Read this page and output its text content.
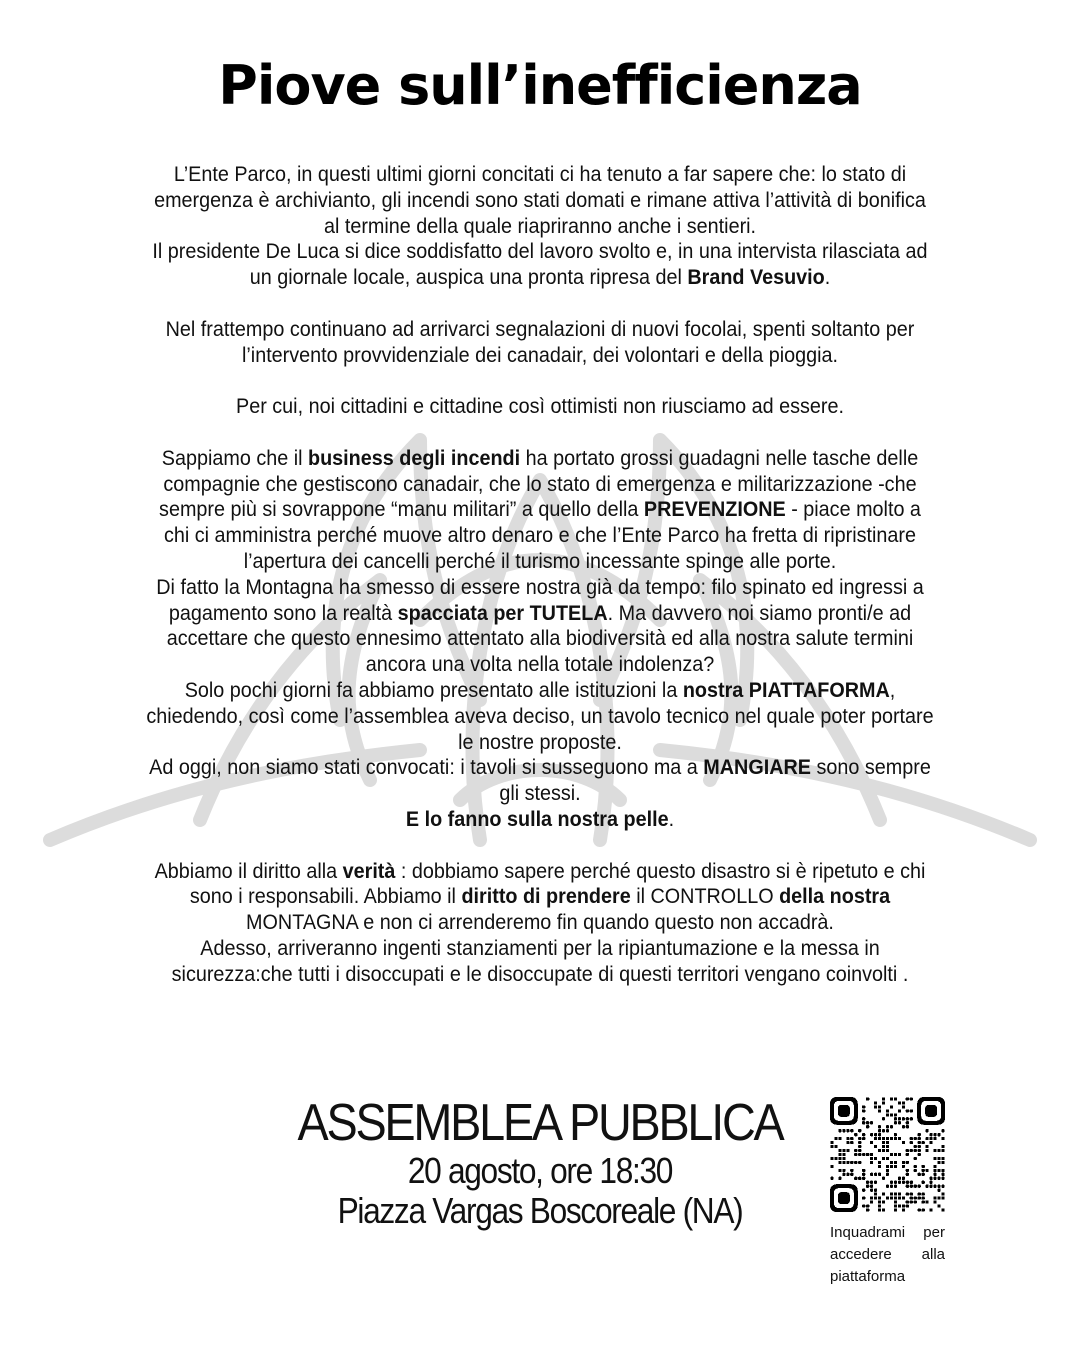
Piove sull’inefficienza
L’Ente Parco, in questi ultimi giorni concitati ci ha tenuto a far sapere che: lo stato di emergenza è archivianto, gli incendi sono stati domati e rimane attiva l’attività di bonifica al termine della quale riapriranno anche i sentieri.
Il presidente De Luca si dice soddisfatto del lavoro svolto e, in una intervista rilasciata ad un giornale locale, auspica una pronta ripresa del Brand Vesuvio.
Nel frattempo continuano ad arrivarci segnalazioni di nuovi focolai, spenti soltanto per l’intervento provvidenziale dei canadair, dei volontari e della pioggia.
Per cui, noi cittadini e cittadine così ottimisti non riusciamo ad essere.
Sappiamo che il business degli incendi ha portato grossi guadagni nelle tasche delle compagnie che gestiscono canadair, che lo stato di emergenza e militarizzazione -che sempre più si sovrappone “manu militari” a quello della PREVENZIONE - piace molto a chi ci amministra perché muove altro denaro e che l’Ente Parco ha fretta di ripristinare l’apertura dei cancelli perché il turismo incessante spinge alle porte.
Di fatto la Montagna ha smesso di essere nostra già da tempo: filo spinato ed ingressi a pagamento sono la realtà spacciata per TUTELA. Ma davvero noi siamo pronti/e ad accettare che questo ennesimo attentato alla biodiversità ed alla nostra salute termini ancora una volta nella totale indolenza?
Solo pochi giorni fa abbiamo presentato alle istituzioni la nostra PIATTAFORMA, chiedendo, così come l’assemblea aveva deciso, un tavolo tecnico nel quale poter portare le nostre proposte.
Ad oggi, non siamo stati convocati: i tavoli si susseguono ma a MANGIARE sono sempre gli stessi.
E lo fanno sulla nostra pelle.
Abbiamo il diritto alla verità : dobbiamo sapere perché questo disastro si è ripetuto e chi sono i responsabili. Abbiamo il diritto di prendere il CONTROLLO della nostra MONTAGNA e non ci arrenderemo fin quando questo non accadrà.
Adesso, arriveranno ingenti stanziamenti per la ripiantumazione e la messa in sicurezza:che tutti i disoccupati e le disoccupate di questi territori vengano coinvolti .
ASSEMBLEA PUBBLICA
20 agosto, ore 18:30
Piazza Vargas Boscoreale (NA)
Inquadrami per
accedere alla
piattaforma
